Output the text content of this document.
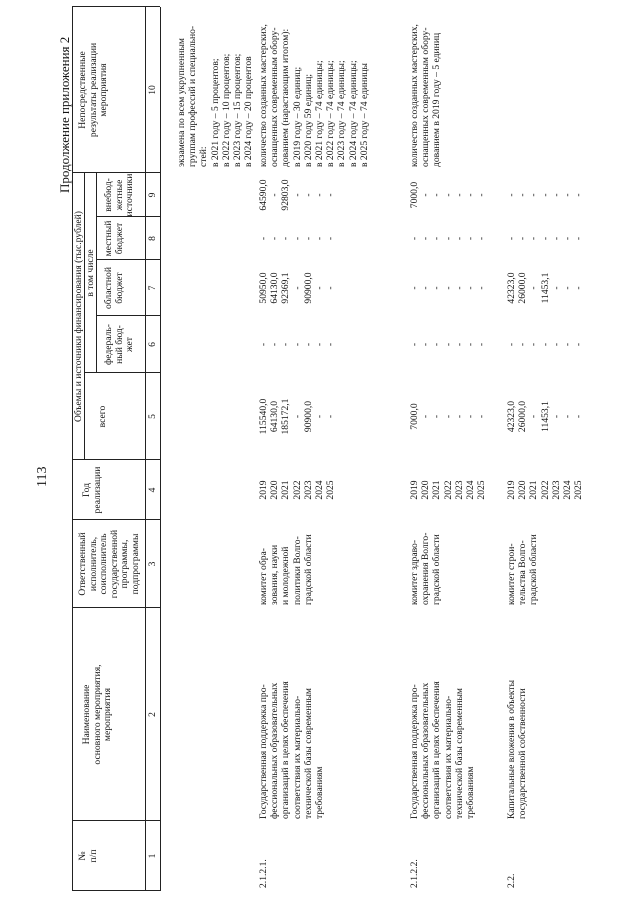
113
Продолжение приложения 2
№
п/п
Наименование
основного мероприятия,
мероприятия
Ответственный
исполнитель,
соисполнитель
государственной
программы,
подпрограммы
Год
реализации
Объемы и источники финансирования (тыс.рублей) всего
в том числе
федераль-
ный бюд-
жет
областной
бюджет
местный
бюджет
внебюд-
жетные
источники
Непосредственные
результаты реализации
мероприятия
1
2
3
4
5
6
7
8
9
10
экзамена по всем укрупненным
группам профессий и специально-
стей:
в 2021 году – 5 процентов;
в 2022 году – 10 процентов;
в 2023 году – 15 процентов;
в 2024 году – 20 процентов
2.1.2.1.
Государственная поддержка про-
фессиональных образовательных
организаций в целях обеспечения
соответствия их материально-
технической базы современным
требованиям
комитет обра-
зования, науки
и молодежной
политики Волго-
градской области
2019
2020
2021
2022
2023
2024
2025
115540,0
64130,0
185172,1
-
90900,0
-
-
-
-
-
-
-
-
-
50950,0
64130,0
92369,1
-
90900,0
-
-
-
-
-
-
-
-
-
64590,0
-
92803,0
-
-
-
-
количество созданных мастерских,
оснащенных современным обору-
дованием (нарастающим итогом):
в 2019 году – 30 единиц;
в 2020 году 59 единиц;
в 2021 году – 74 единицы;
в 2022 году – 74 единицы;
в 2023 году – 74 единицы;
в 2024 году – 74 единицы;
в 2025 году – 74 единицы
2.1.2.2.
Государственная поддержка про-
фессиональных образовательных
организаций в целях обеспечения
соответствия их материально-
технической базы современным
требованиям
комитет здраво-
охранения Волго-
градской области
2019
2020
2021
2022
2023
2024
2025
7000,0
-
-
-
-
-
-
-
-
-
-
-
-
-
-
-
-
-
-
-
-
-
-
-
-
-
-
-
7000,0
-
-
-
-
-
-
количество созданных мастерских,
оснащенных современным обору-
дованием в 2019 году – 5 единиц
2.2.
Капитальные вложения в объекты
государственной собственности
комитет строи-
тельства Волго-
градской области
2019
2020
2021
2022
2023
2024
2025
42323,0
26000,0
-
11453,1
-
-
-
-
-
-
-
-
-
-
42323,0
26000,0
-
11453,1
-
-
-
-
-
-
-
-
-
-
-
-
-
-
-
-
-
